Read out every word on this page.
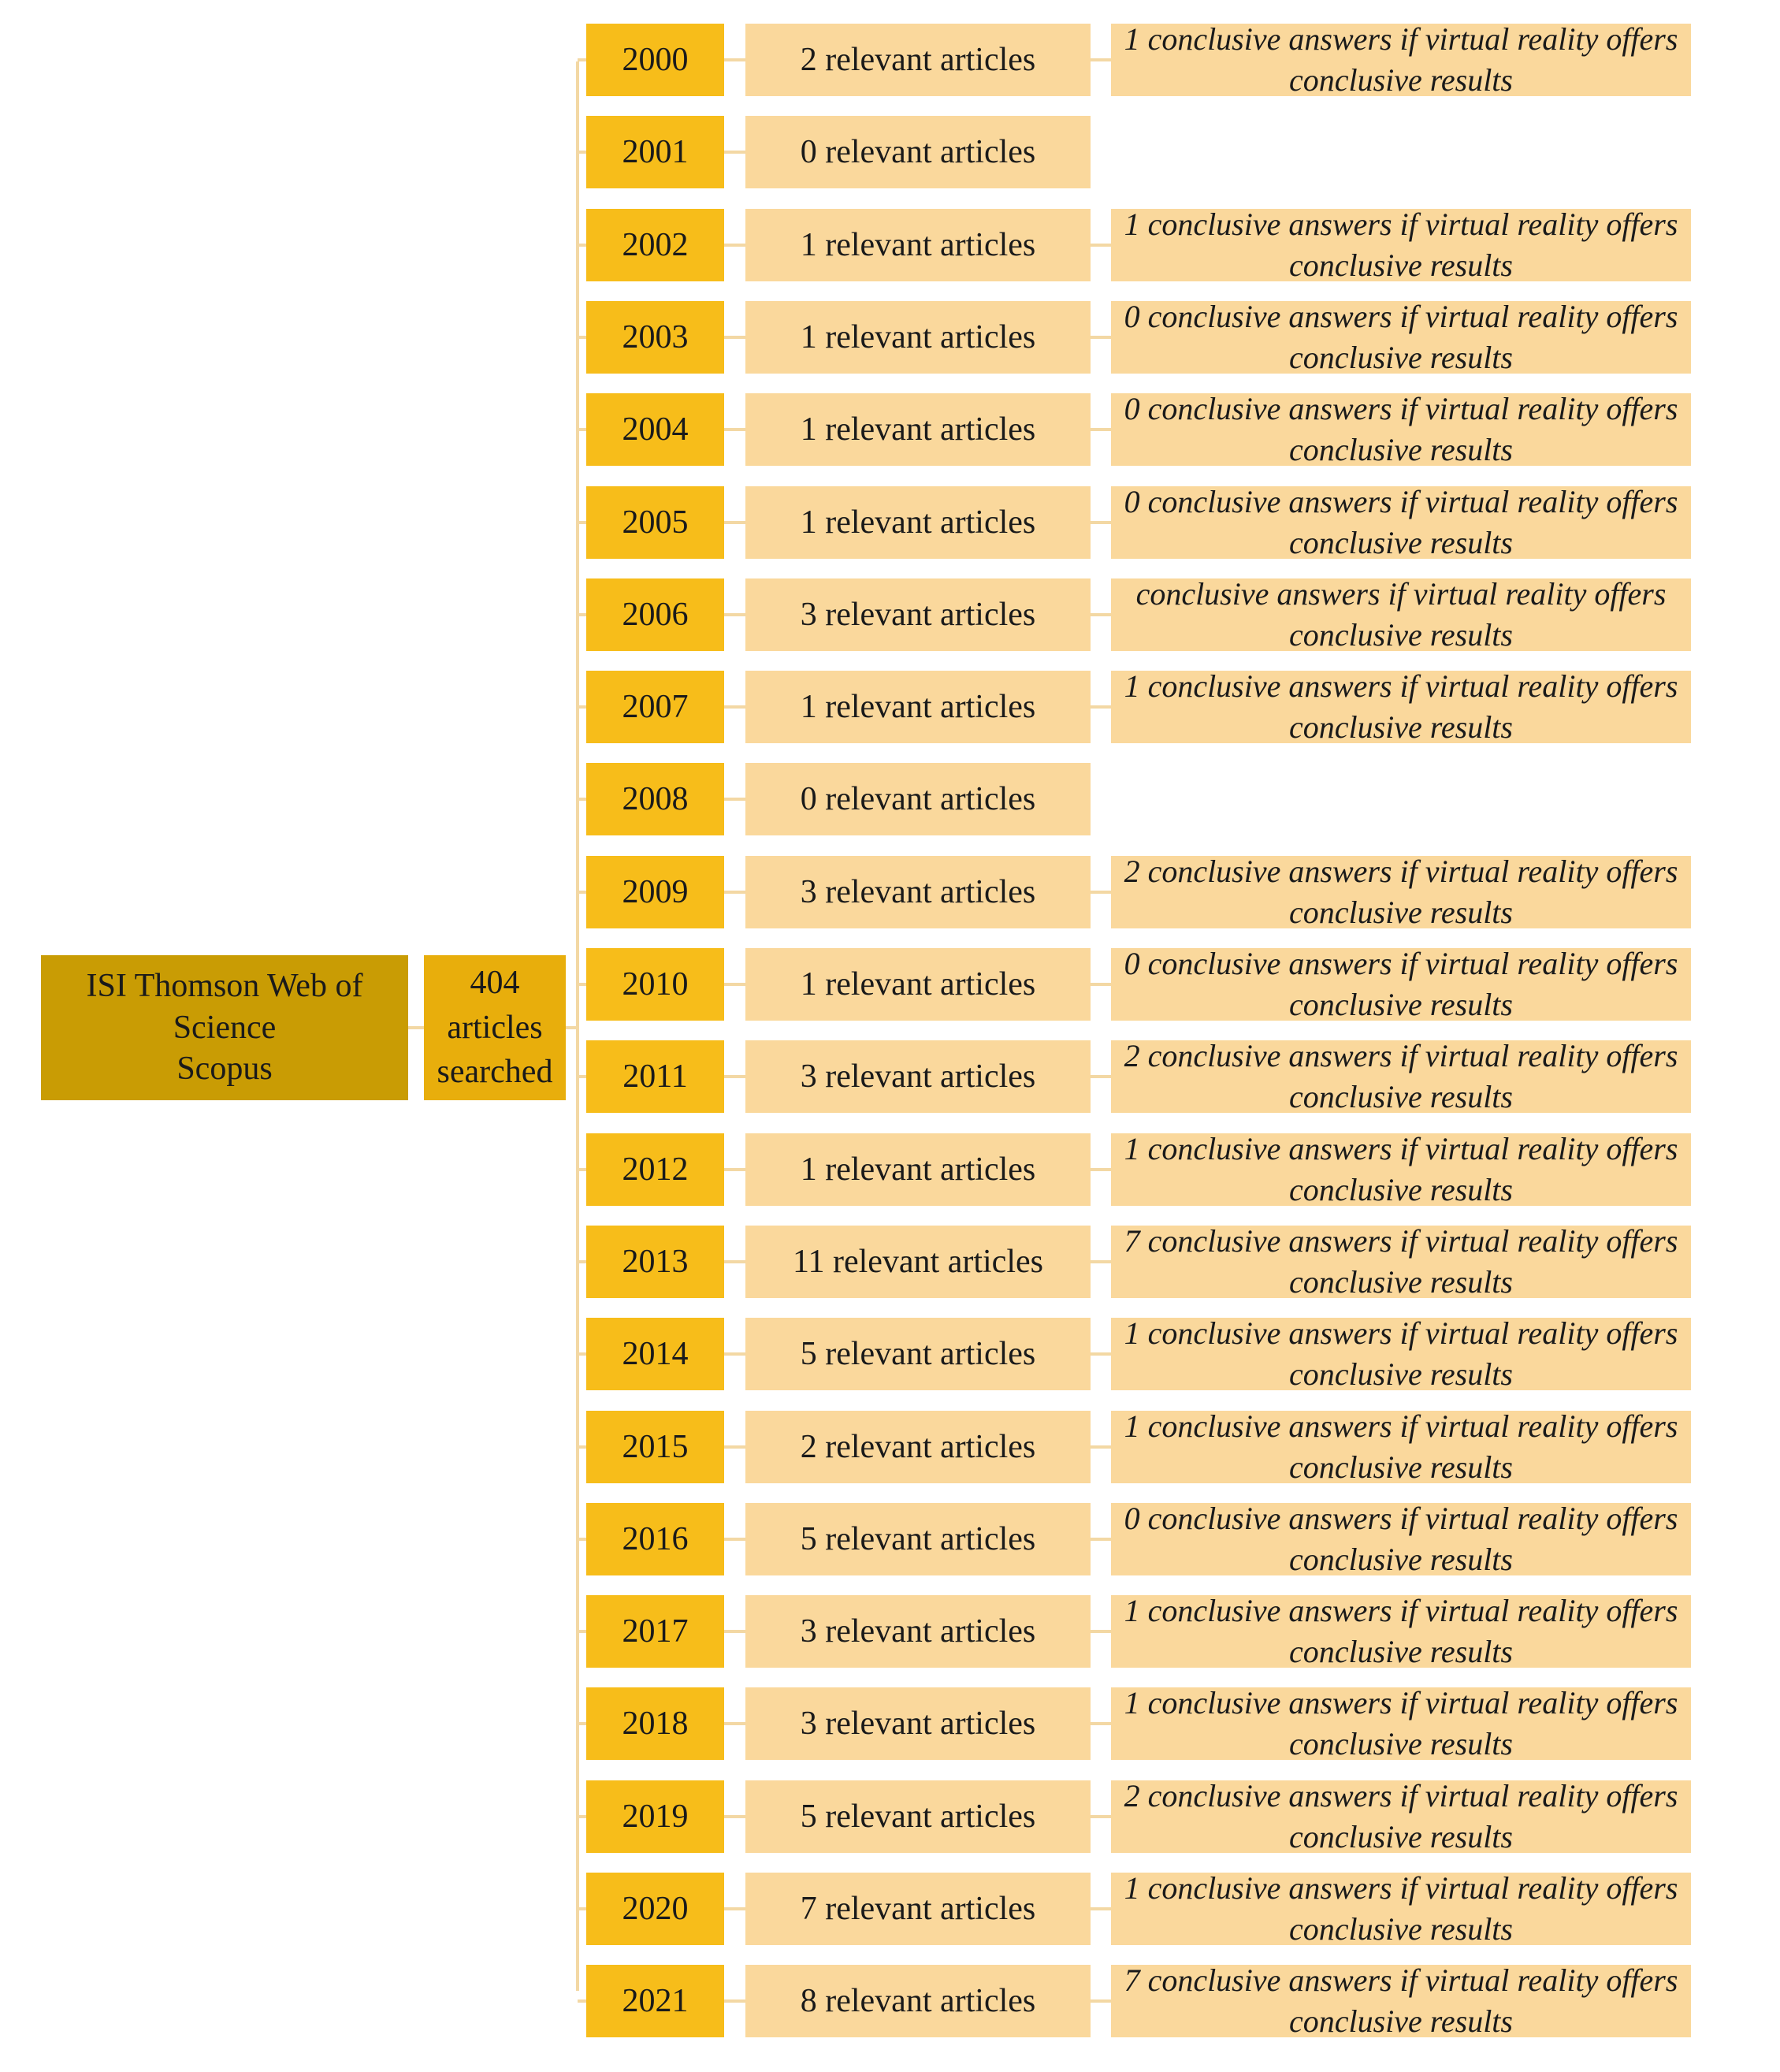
ISI Thomson Web of Science
Scopus
404 articles
searched
2000	2 relevant articles
1 conclusive answers if virtual reality offers
conclusive results
2001	0 relevant articles
2002	1 relevant articles
1 conclusive answers if virtual reality offers
conclusive results
2003	1 relevant articles
0 conclusive answers if virtual reality offers
conclusive results
2004	1 relevant articles
0 conclusive answers if virtual reality offers
conclusive results
2005	1 relevant articles
0 conclusive answers if virtual reality offers
conclusive results
2006	3 relevant articles
conclusive answers if virtual reality offers
conclusive results
2007	1 relevant articles
1 conclusive answers if virtual reality offers
conclusive results
2008	0 relevant articles
2009	3 relevant articles
2 conclusive answers if virtual reality offers
conclusive results
2010	1 relevant articles
0 conclusive answers if virtual reality offers
conclusive results
2011	3 relevant articles
2 conclusive answers if virtual reality offers
conclusive results
2012	1 relevant articles
1 conclusive answers if virtual reality offers
conclusive results
2013	11 relevant articles
7 conclusive answers if virtual reality offers
conclusive results
2014	5 relevant articles
1 conclusive answers if virtual reality offers
conclusive results
2015	2 relevant articles
1 conclusive answers if virtual reality offers
conclusive results
2016	5 relevant articles
0 conclusive answers if virtual reality offers
conclusive results
2017	3 relevant articles
1 conclusive answers if virtual reality offers
conclusive results
2018	3 relevant articles
1 conclusive answers if virtual reality offers
conclusive results
2019	5 relevant articles
2 conclusive answers if virtual reality offers
conclusive results
2020	7 relevant articles
1 conclusive answers if virtual reality offers
conclusive results
2021	8 relevant articles
7 conclusive answers if virtual reality offers
conclusive results
